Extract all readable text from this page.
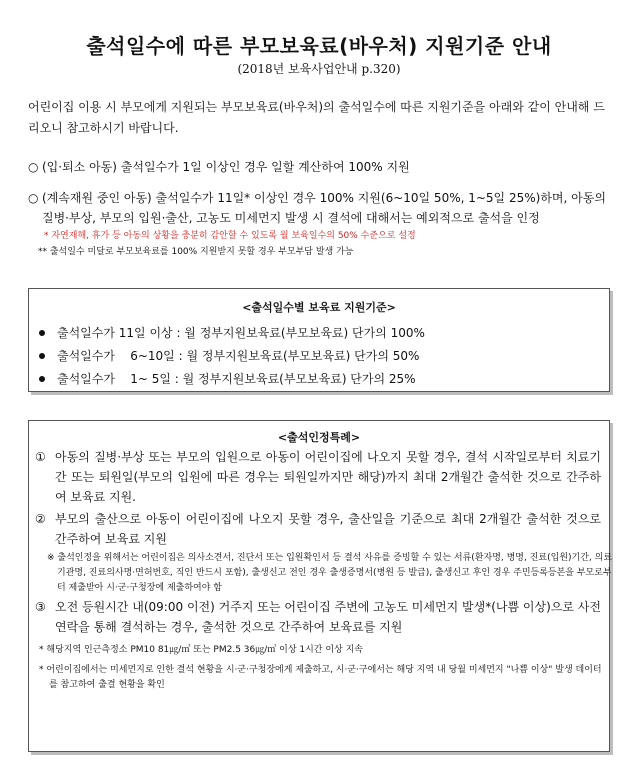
출석일수에 따른 부모보육료(바우처) 지원기준 안내
(2018년 보육사업안내 p.320)
어린이집 이용 시 부모에게 지원되는 부모보육료(바우처)의 출석일수에 따른 지원기준을 아래와 같이 안내해 드리오니 참고하시기 바랍니다.
○ (입·퇴소 아동) 출석일수가 1일 이상인 경우 일할 계산하여 100% 지원
○ (계속재원 중인 아동) 출석일수가 11일* 이상인 경우 100% 지원(6~10일 50%, 1~5일 25%)하며, 아동의 질병·부상, 부모의 입원·출산, 고농도 미세먼지 발생 시 결석에 대해서는 예외적으로 출석을 인정
* 자연재해, 휴가 등 아동의 상황을 충분히 감안할 수 있도록 월 보육일수의 50% 수준으로 설정
** 출석일수 미달로 부모보육료를 100% 지원받지 못할 경우 부모부담 발생 가능
<출석일수별 보육료 지원기준>
출석일수가 11일 이상 : 월 정부지원보육료(부모보육료) 단가의 100%
출석일수가    6~10일 : 월 정부지원보육료(부모보육료) 단가의 50%
출석일수가    1~ 5일 : 월 정부지원보육료(부모보육료) 단가의 25%
<출석인정특례>
① 아동의 질병·부상 또는 부모의 입원으로 아동이 어린이집에 나오지 못할 경우, 결석 시작일로부터 치료기간 또는 퇴원일(부모의 입원에 따른 경우는 퇴원일까지만 해당)까지 최대 2개월간 출석한 것으로 간주하여 보육료 지원.
② 부모의 출산으로 아동이 어린이집에 나오지 못할 경우, 출산일을 기준으로 최대 2개월간 출석한 것으로 간주하여 보육료 지원
※ 출석인정을 위해서는 어린이집은 의사소견서, 진단서 또는 입원확인서 등 결석 사유를 증빙할 수 있는 서류(환자명, 병명, 진료(입원)기간, 의료기관명, 진료의사명·면허번호, 직인 반드시 포함), 출생신고 전인 경우 출생증명서(병원 등 발급), 출생신고 후인 경우 주민등록등본을 부모로부터 제출받아 시·군·구청장에 제출하여야 함
③ 오전 등원시간 내(09:00 이전) 거주지 또는 어린이집 주변에 고농도 미세먼지 발생*(나쁨 이상)으로 사전 연락을 통해 결석하는 경우, 출석한 것으로 간주하여 보육료를 지원
* 해당지역 인근측정소 PM10 81㎍/㎥ 또는 PM2.5 36㎍/㎥ 이상 1시간 이상 지속
* 어린이집에서는 미세먼지로 인한 결석 현황을 시·군·구청장에게 제출하고, 시·군·구에서는 해당 지역 내 당월 미세먼지 "나쁨 이상" 발생 데이터를 참고하여 출결 현황을 확인
